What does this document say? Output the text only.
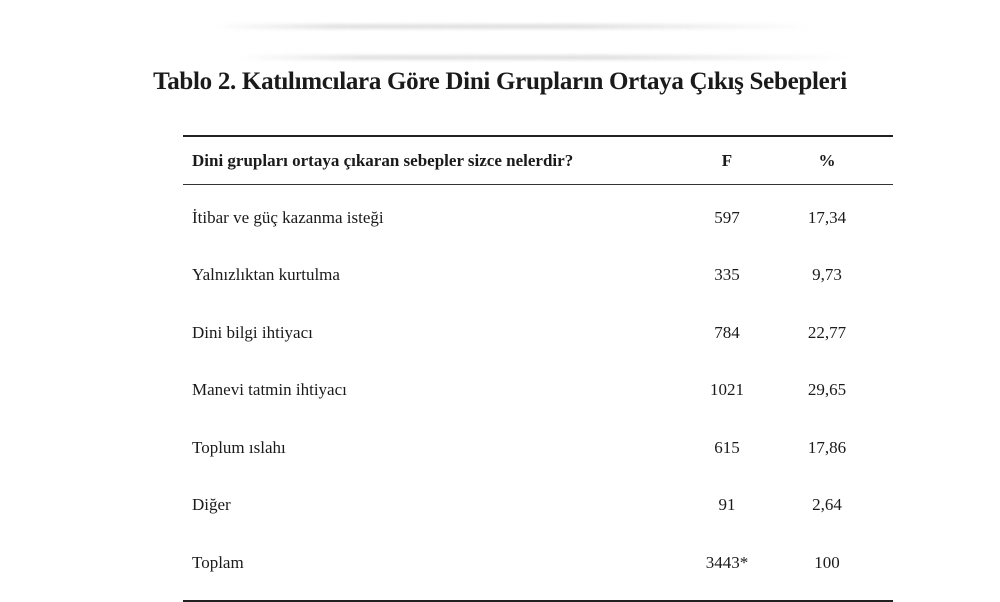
Tablo 2. Katılımcılara Göre Dini Grupların Ortaya Çıkış Sebepleri
Dini grupları ortaya çıkaran sebepler sizce nelerdir?	F	%
İtibar ve güç kazanma isteği	597	17,34
Yalnızlıktan kurtulma	335	9,73
Dini bilgi ihtiyacı	784	22,77
Manevi tatmin ihtiyacı	1021	29,65
Toplum ıslahı	615	17,86
Diğer	91	2,64
Toplam	3443*	100
